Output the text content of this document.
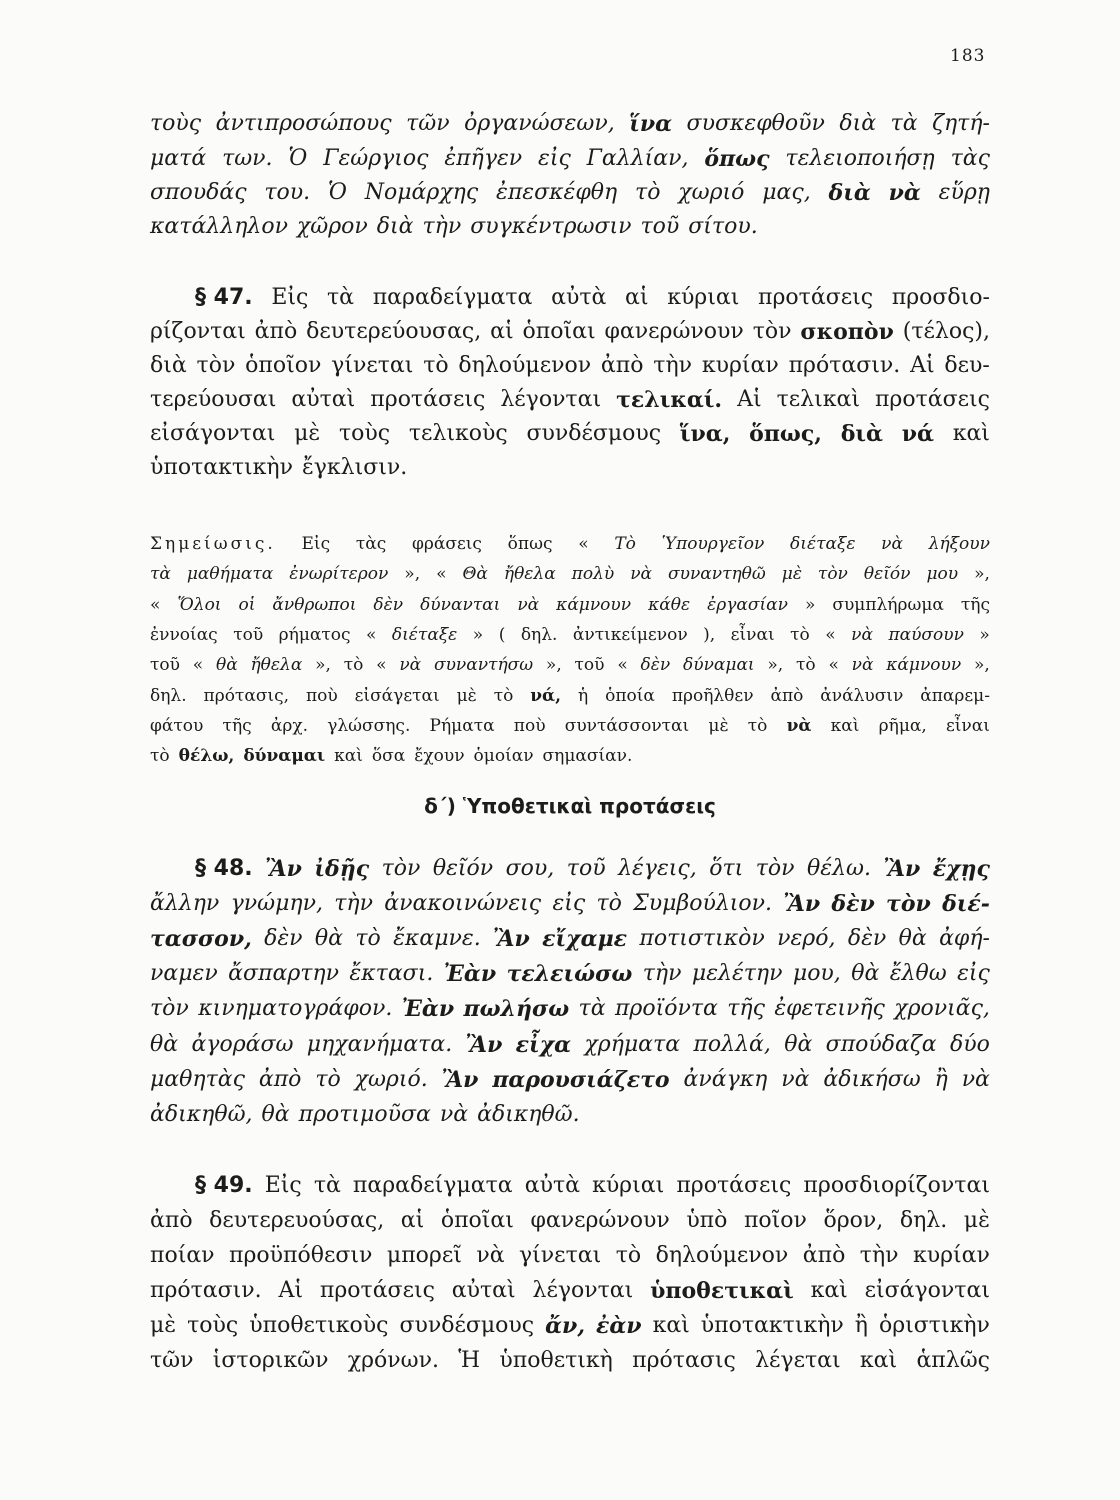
183
τοὺς ἀντιπροσώπους τῶν ὀργανώσεων, ἵνα συσκεφθοῦν διὰ τὰ ζητή-
ματά των. Ὁ Γεώργιος ἐπῆγεν εἰς Γαλλίαν, ὅπως τελειοποιήσῃ τὰς
σπουδάς του. Ὁ Νομάρχης ἐπεσκέφθη τὸ χωριό μας, διὰ νὰ εὕρῃ
κατάλληλον χῶρον διὰ τὴν συγκέντρωσιν τοῦ σίτου.
§ 47. Εἰς τὰ παραδείγματα αὐτὰ αἱ κύριαι προτάσεις προσδιο-
ρίζονται ἀπὸ δευτερεύουσας, αἱ ὁποῖαι φανερώνουν τὸν σκοπὸν (τέλος),
διὰ τὸν ὁποῖον γίνεται τὸ δηλούμενον ἀπὸ τὴν κυρίαν πρότασιν. Αἱ δευ-
τερεύουσαι αὐταὶ προτάσεις λέγονται τελικαί. Αἱ τελικαὶ προτάσεις
εἰσάγονται μὲ τοὺς τελικοὺς συνδέσμους ἵνα, ὅπως, διὰ νά καὶ
ὑποτακτικὴν ἔγκλισιν.
Σημείωσις. Εἰς τὰς φράσεις ὅπως « Τὸ Ὑπουργεῖον διέταξε νὰ λήξουν
τὰ μαθήματα ἐνωρίτερον », « Θὰ ἤθελα πολὺ νὰ συναντηθῶ μὲ τὸν θεῖόν μου »,
« Ὅλοι οἱ ἄνθρωποι δὲν δύνανται νὰ κάμνουν κάθε ἐργασίαν » συμπλήρωμα τῆς
ἐννοίας τοῦ ρήματος « διέταξε » ( δηλ. ἀντικείμενον ), εἶναι τὸ « νὰ παύσουν »
τοῦ « θὰ ἤθελα », τὸ « νὰ συναντήσω », τοῦ « δὲν δύναμαι », τὸ « νὰ κάμνουν »,
δηλ. πρότασις, ποὺ εἰσάγεται μὲ τὸ νά, ἡ ὁποία προῆλθεν ἀπὸ ἀνάλυσιν ἀπαρεμ-
φάτου τῆς ἀρχ. γλώσσης. Ρήματα ποὺ συντάσσονται μὲ τὸ νὰ καὶ ρῆμα, εἶναι
τὸ θέλω, δύναμαι καὶ ὅσα ἔχουν ὁμοίαν σημασίαν.
δ΄) Ὑποθετικαὶ προτάσεις
§ 48. Ἂν ἰδῇς τὸν θεῖόν σου, τοῦ λέγεις, ὅτι τὸν θέλω. Ἂν ἔχῃς
ἄλλην γνώμην, τὴν ἀνακοινώνεις εἰς τὸ Συμβούλιον. Ἂν δὲν τὸν διέ-
τασσον, δὲν θὰ τὸ ἔκαμνε. Ἂν εἴχαμε ποτιστικὸν νερό, δὲν θὰ ἀφή-
ναμεν ἄσπαρτην ἔκτασι. Ἐὰν τελειώσω τὴν μελέτην μου, θὰ ἔλθω εἰς
τὸν κινηματογράφον. Ἐὰν πωλήσω τὰ προϊόντα τῆς ἐφετεινῆς χρονιᾶς,
θὰ ἀγοράσω μηχανήματα. Ἂν εἶχα χρήματα πολλά, θὰ σπούδαζα δύο
μαθητὰς ἀπὸ τὸ χωριό. Ἂν παρουσιάζετο ἀνάγκη νὰ ἀδικήσω ἢ νὰ
ἀδικηθῶ, θὰ προτιμοῦσα νὰ ἀδικηθῶ.
§ 49. Εἰς τὰ παραδείγματα αὐτὰ κύριαι προτάσεις προσδιορίζονται
ἀπὸ δευτερευούσας, αἱ ὁποῖαι φανερώνουν ὑπὸ ποῖον ὅρον, δηλ. μὲ
ποίαν προϋπόθεσιν μπορεῖ νὰ γίνεται τὸ δηλούμενον ἀπὸ τὴν κυρίαν
πρότασιν. Αἱ προτάσεις αὐταὶ λέγονται ὑποθετικαὶ καὶ εἰσάγονται
μὲ τοὺς ὑποθετικοὺς συνδέσμους ἄν, ἐὰν καὶ ὑποτακτικὴν ἢ ὁριστικὴν
τῶν ἱστορικῶν χρόνων. Ἡ ὑποθετικὴ πρότασις λέγεται καὶ ἁπλῶς
